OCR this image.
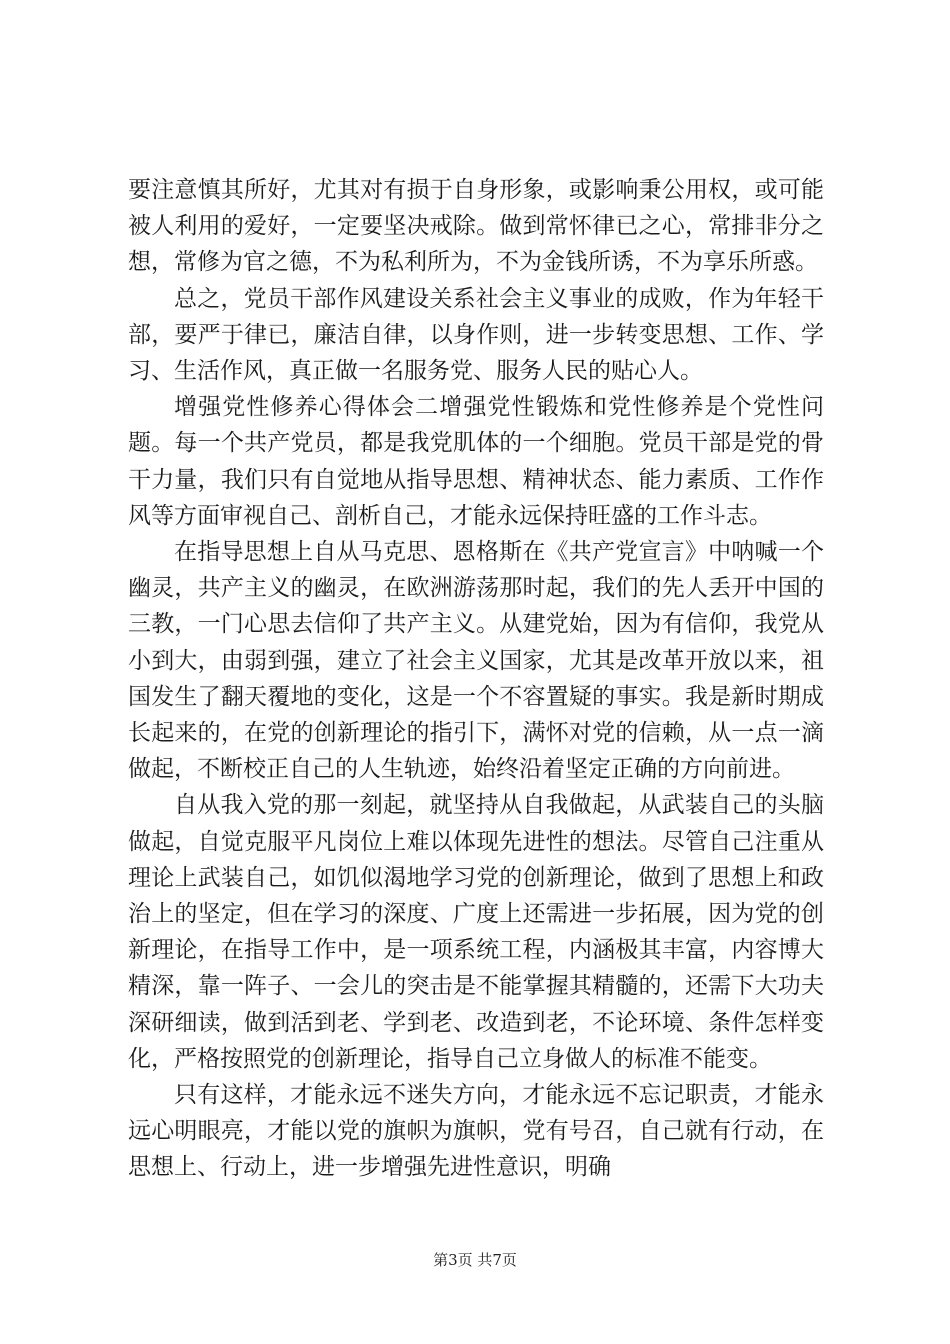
要注意慎其所好，尤其对有损于自身形象，或影响秉公用权，或可能被人利用的爱好，一定要坚决戒除。做到常怀律已之心，常排非分之想，常修为官之德，不为私利所为，不为金钱所诱，不为享乐所惑。

总之，党员干部作风建设关系社会主义事业的成败，作为年轻干部，要严于律已，廉洁自律，以身作则，进一步转变思想、工作、学习、生活作风，真正做一名服务党、服务人民的贴心人。

增强党性修养心得体会二增强党性锻炼和党性修养是个党性问题。每一个共产党员，都是我党肌体的一个细胞。党员干部是党的骨干力量，我们只有自觉地从指导思想、精神状态、能力素质、工作作风等方面审视自己、剖析自己，才能永远保持旺盛的工作斗志。

在指导思想上自从马克思、恩格斯在《共产党宣言》中呐喊一个幽灵，共产主义的幽灵，在欧洲游荡那时起，我们的先人丢开中国的三教，一门心思去信仰了共产主义。从建党始，因为有信仰，我党从小到大，由弱到强，建立了社会主义国家，尤其是改革开放以来，祖国发生了翻天覆地的变化，这是一个不容置疑的事实。我是新时期成长起来的，在党的创新理论的指引下，满怀对党的信赖，从一点一滴做起，不断校正自己的人生轨迹，始终沿着坚定正确的方向前进。

自从我入党的那一刻起，就坚持从自我做起，从武装自己的头脑做起，自觉克服平凡岗位上难以体现先进性的想法。尽管自己注重从理论上武装自己，如饥似渴地学习党的创新理论，做到了思想上和政治上的坚定，但在学习的深度、广度上还需进一步拓展，因为党的创新理论，在指导工作中，是一项系统工程，内涵极其丰富，内容博大精深，靠一阵子、一会儿的突击是不能掌握其精髓的，还需下大功夫深研细读，做到活到老、学到老、改造到老，不论环境、条件怎样变化，严格按照党的创新理论，指导自己立身做人的标准不能变。

只有这样，才能永远不迷失方向，才能永远不忘记职责，才能永远心明眼亮，才能以党的旗帜为旗帜，党有号召，自己就有行动，在思想上、行动上，进一步增强先进性意识，明确

第3页 共7页
